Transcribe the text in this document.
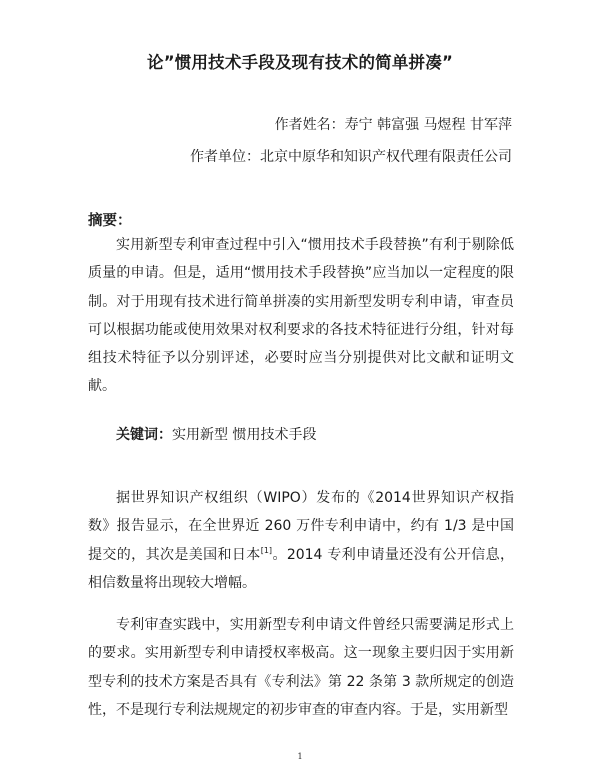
论”惯用技术手段及现有技术的简单拼凑”
作者姓名：寿宁 韩富强 马煜程 甘军萍
作者单位：北京中原华和知识产权代理有限责任公司
摘要：

实用新型专利审查过程中引入“惯用技术手段替换”有利于剔除低质量的申请。但是，适用“惯用技术手段替换”应当加以一定程度的限制。对于用现有技术进行简单拼凑的实用新型发明专利申请，审查员可以根据功能或使用效果对权利要求的各技术特征进行分组，针对每组技术特征予以分别评述，必要时应当分别提供对比文献和证明文献。

关键词：实用新型 惯用技术手段

据世界知识产权组织（WIPO）发布的《2014世界知识产权指数》报告显示，在全世界近 260 万件专利申请中，约有 1/3 是中国提交的，其次是美国和日本[1]。2014 专利申请量还没有公开信息，相信数量将出现较大增幅。

专利审查实践中，实用新型专利申请文件曾经只需要满足形式上的要求。实用新型专利申请授权率极高。这一现象主要归因于实用新型专利的技术方案是否具有《专利法》第 22 条第 3 款所规定的创造性，不是现行专利法规规定的初步审查的审查内容。于是，实用新型

1
